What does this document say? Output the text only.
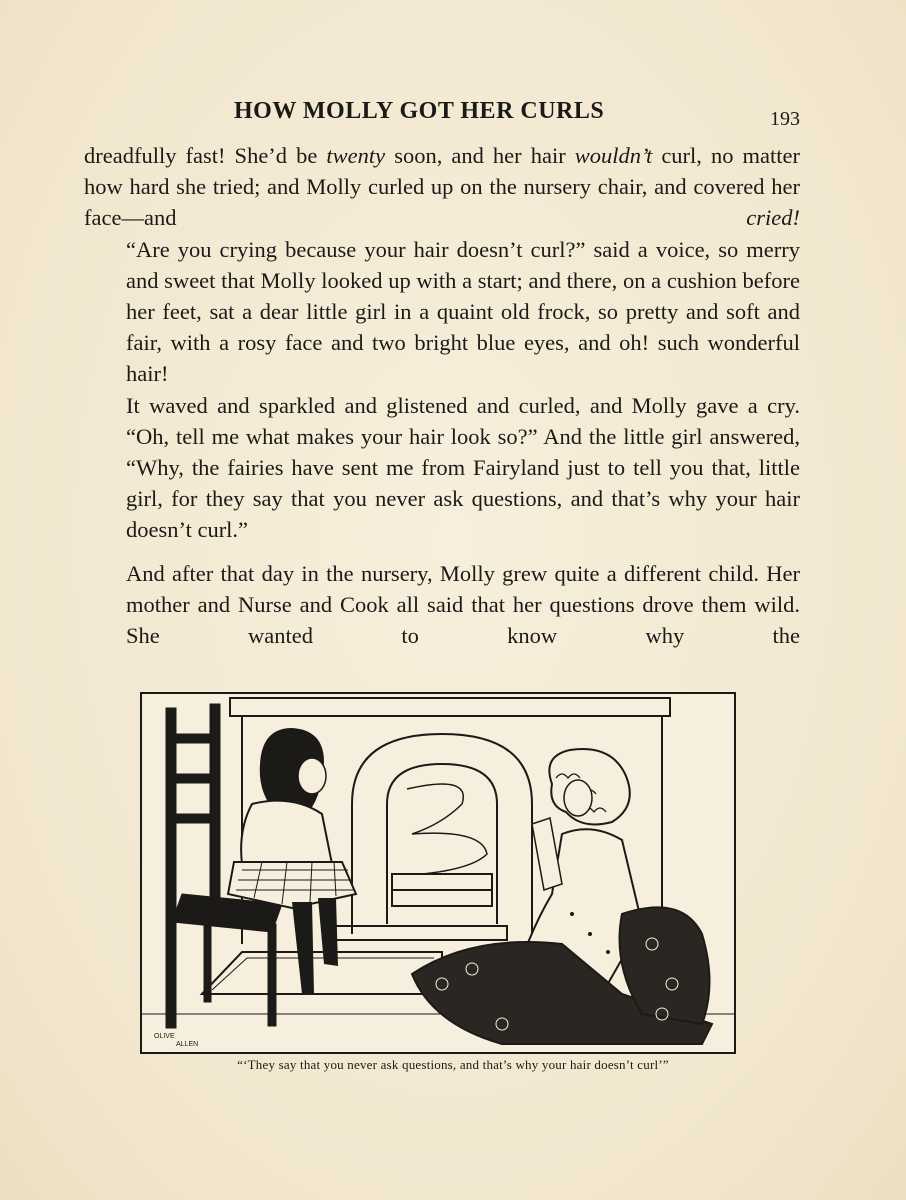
HOW MOLLY GOT HER CURLS	193

dreadfully fast! She’d be twenty soon, and her hair wouldn’t curl, no matter how hard she tried; and Molly curled up on the nursery chair, and covered her face—and cried!

“Are you crying because your hair doesn’t curl?” said a voice, so merry and sweet that Molly looked up with a start; and there, on a cushion before her feet, sat a dear little girl in a quaint old frock, so pretty and soft and fair, with a rosy face and two bright blue eyes, and oh! such wonderful hair!

It waved and sparkled and glistened and curled, and Molly gave a cry. “Oh, tell me what makes your hair look so?” And the little girl answered, “Why, the fairies have sent me from Fairyland just to tell you that, little girl, for they say that you never ask questions, and that’s why your hair doesn’t curl.”

And after that day in the nursery, Molly grew quite a different child. Her mother and Nurse and Cook all said that her questions drove them wild. She wanted to know why the

OLIVE
ALLEN
“‘They say that you never ask questions, and that’s why your hair doesn’t curl’”
